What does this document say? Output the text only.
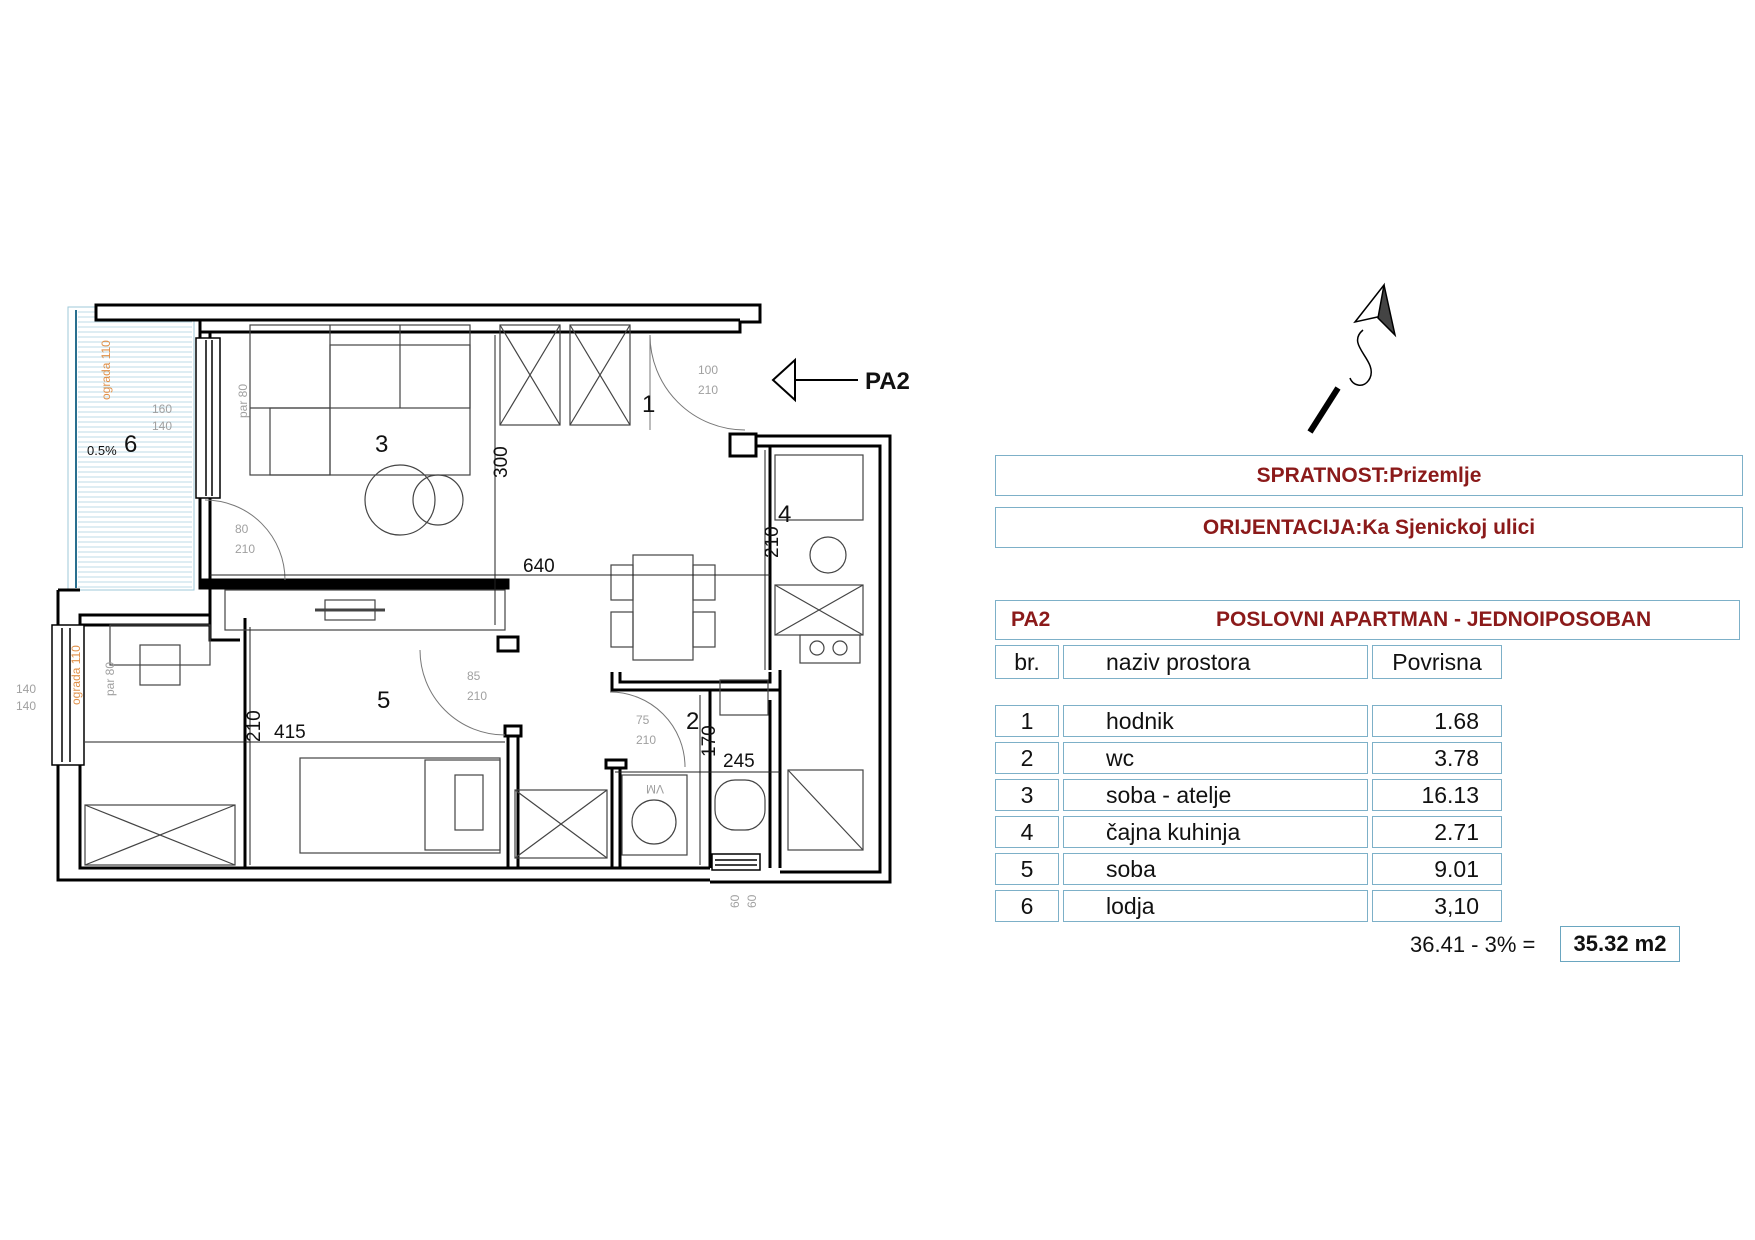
PA2
1
2
3
4
5
6
0.5%	300
640
210
415
210	170
245
100
210
80
210
85
210
75
210
160
140
140
140
60 60
par 80
par 80
VM
ograda 110
ograda 110
SPRATNOST:Prizemlje
ORIJENTACIJA:Ka Sjenickoj ulici
PA2	POSLOVNI APARTMAN - JEDNOIPOSOBAN
br.	naziv prostora	Povrisna
1	hodnik	1.68
2	wc	3.78
3	soba - atelje	16.13
4	čajna kuhinja	2.71
5	soba	9.01
6	lodja	3,10
36.41 - 3% = 35.32 m2
